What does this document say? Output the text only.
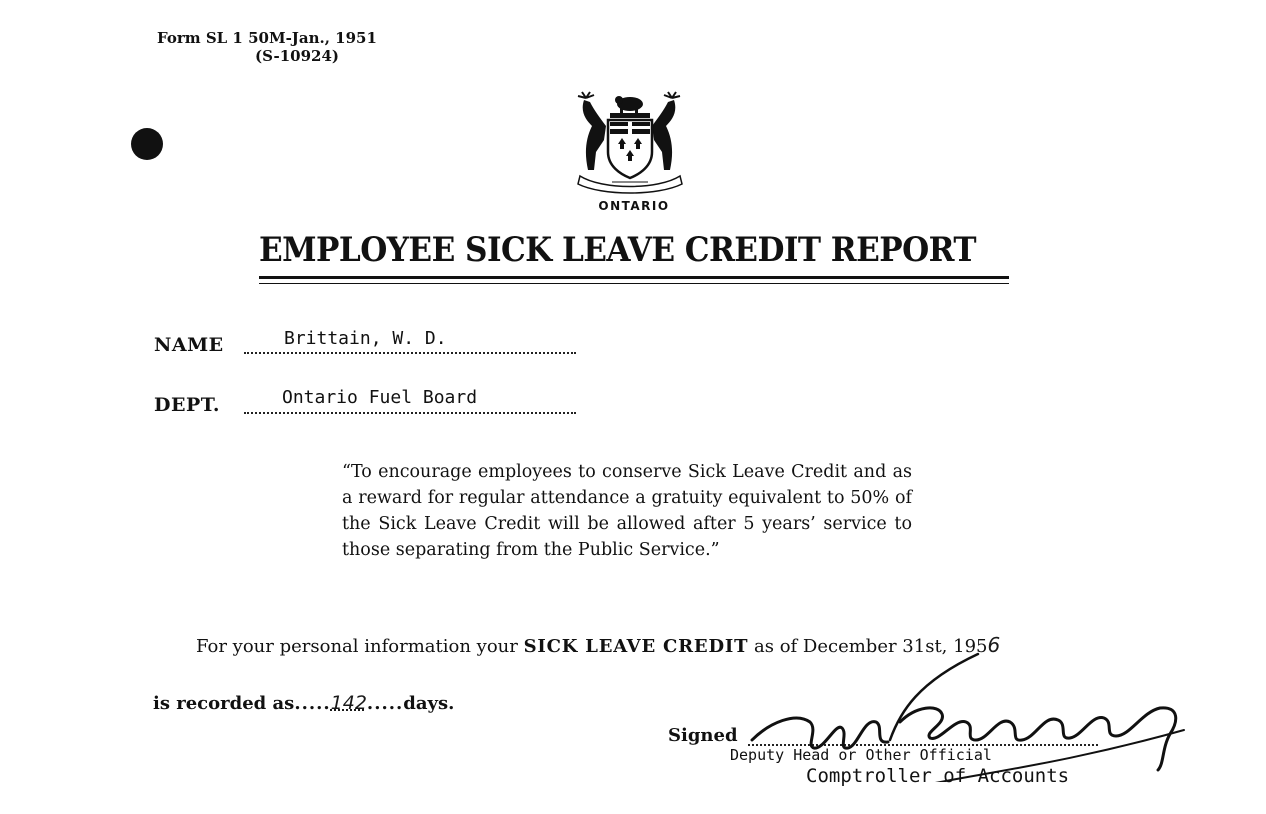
Form SL 1 50M-Jan., 1951
(S-10924)
ONTARIO
EMPLOYEE SICK LEAVE CREDIT REPORT
NAME	Brittain, W. D.
DEPT.	Ontario Fuel Board
“To encourage employees to conserve Sick Leave Credit and as a reward for regular attendance a gratuity equivalent to 50% of the Sick Leave Credit will be allowed after 5 years’ service to those separating from the Public Service.”
For your personal information your SICK LEAVE CREDIT as of December 31st, 1956
is recorded as.....142.....days.
Signed
Deputy Head or Other Official
Comptroller of Accounts
